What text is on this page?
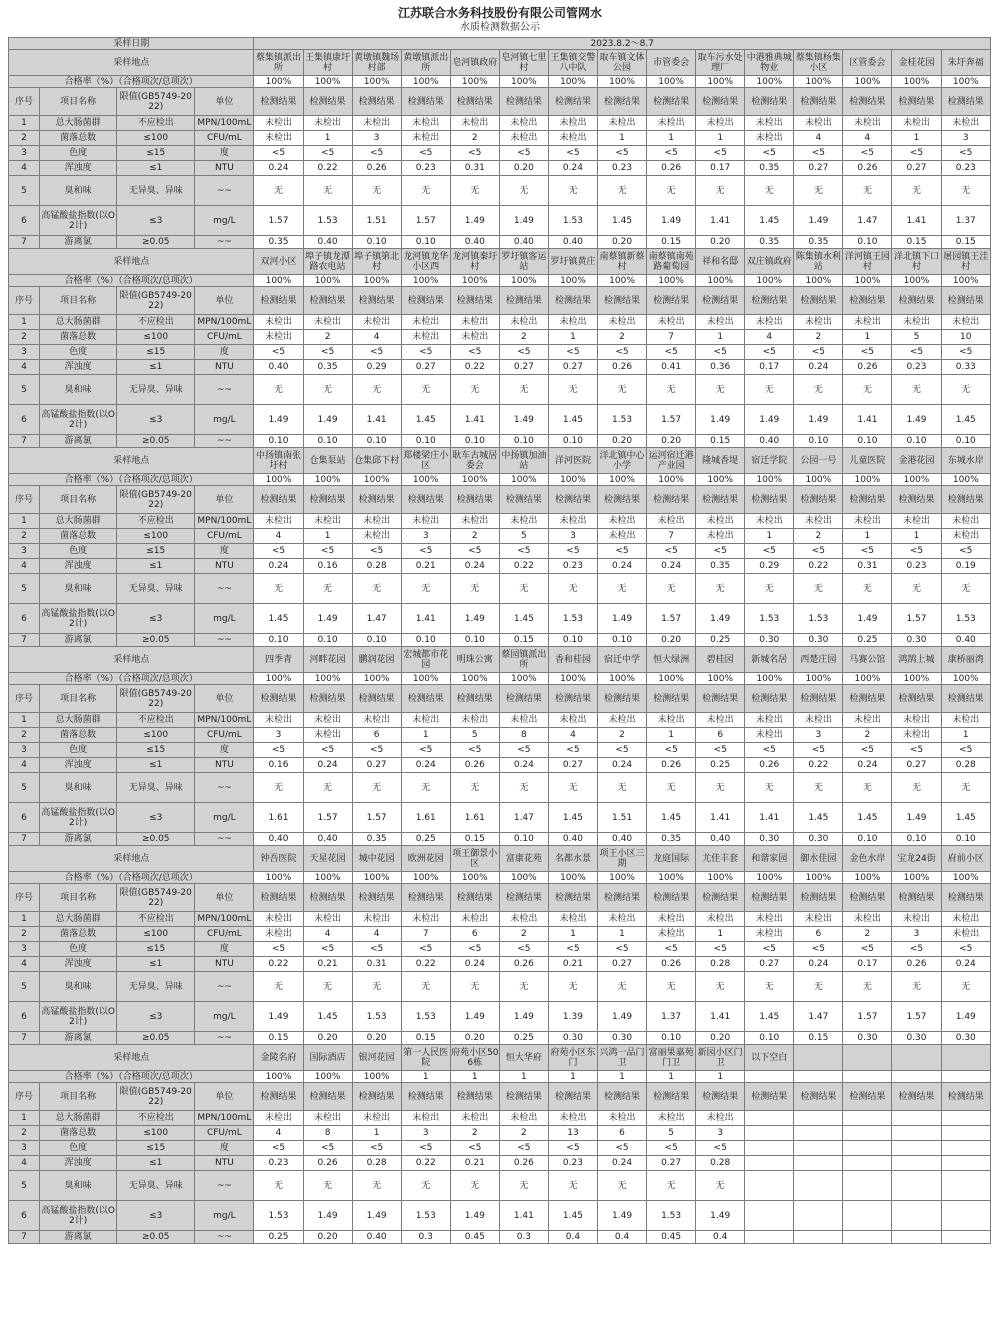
江苏联合水务科技股份有限公司管网水
水质检测数据公示
采样日期				2023.8.2～8.7														
采样地点				蔡集镇派出所	王集镇康圩村	黄墩镇魏场村部	黄墩镇派出所	皂河镇政府	皂河镇七里村	王集镇交警八中队	取车镇文体公园	市管委会	取车污水处理厂	中港雅典城物业	蔡集镇杨集小区	区管委会	金桂花园	朱圩奔福
合格率（%）（合格项次/总项次）				100%	100%	100%	100%	100%	100%	100%	100%	100%	100%	100%	100%	100%	100%	100%
序号	项目名称	限值(GB5749-2022)	单位	检测结果	检测结果	检测结果	检测结果	检测结果	检测结果	检测结果	检测结果	检测结果	检测结果	检测结果	检测结果	检测结果	检测结果	检测结果
1	总大肠菌群	不应检出	MPN/100mL	未检出	未检出	未检出	未检出	未检出	未检出	未检出	未检出	未检出	未检出	未检出	未检出	未检出	未检出	未检出
2	菌落总数	≤100	CFU/mL	未检出	1	3	未检出	2	未检出	未检出	1	1	1	未检出	4	4	1	3
3	色度	≤15	度	<5	<5	<5	<5	<5	<5	<5	<5	<5	<5	<5	<5	<5	<5	<5
4	浑浊度	≤1	NTU	0.24	0.22	0.26	0.23	0.31	0.20	0.24	0.23	0.26	0.17	0.35	0.27	0.26	0.27	0.23
5	臭和味	无异臭、异味	~~	无	无	无	无	无	无	无	无	无	无	无	无	无	无	无
6	高锰酸盐指数(以O2计)	≤3	mg/L	1.57	1.53	1.51	1.57	1.49	1.49	1.53	1.45	1.49	1.41	1.45	1.49	1.47	1.41	1.37
7	游离氯	≥0.05	~~	0.35	0.40	0.10	0.10	0.40	0.40	0.40	0.20	0.15	0.20	0.35	0.35	0.10	0.15	0.15
采样地点				双河小区	埠子镇龙潭路农电站	埠子镇第北村	龙河镇龙华小区西	龙河镇秦圩村	罗圩镇客运站	罗圩镇黄庄	南蔡镇新蔡村	南蔡镇南苑路葡萄园	祥和名邸	双庄镇政府	陈集镇水利站	洋河镇王园村	洋北镇下口村	屠园镇王洼村
合格率（%）（合格项次/总项次）				100%	100%	100%	100%	100%	100%	100%	100%	100%	100%	100%	100%	100%	100%	100%
序号	项目名称	限值(GB5749-2022)	单位	检测结果	检测结果	检测结果	检测结果	检测结果	检测结果	检测结果	检测结果	检测结果	检测结果	检测结果	检测结果	检测结果	检测结果	检测结果
1	总大肠菌群	不应检出	MPN/100mL	未检出	未检出	未检出	未检出	未检出	未检出	未检出	未检出	未检出	未检出	未检出	未检出	未检出	未检出	未检出
2	菌落总数	≤100	CFU/mL	未检出	2	4	未检出	未检出	2	1	2	7	1	4	2	1	5	10
3	色度	≤15	度	<5	<5	<5	<5	<5	<5	<5	<5	<5	<5	<5	<5	<5	<5	<5
4	浑浊度	≤1	NTU	0.40	0.35	0.29	0.27	0.22	0.27	0.27	0.26	0.41	0.36	0.17	0.24	0.26	0.23	0.33
5	臭和味	无异臭、异味	~~	无	无	无	无	无	无	无	无	无	无	无	无	无	无	无
6	高锰酸盐指数(以O2计)	≤3	mg/L	1.49	1.49	1.41	1.45	1.41	1.49	1.45	1.53	1.57	1.49	1.49	1.49	1.41	1.49	1.45
7	游离氯	≥0.05	~~	0.10	0.10	0.10	0.10	0.10	0.10	0.10	0.20	0.20	0.15	0.40	0.10	0.10	0.10	0.10
采样地点				中扬镇南张圩村	仓集泵站	仓集邱下村	郑楼梁庄小区	耿车古城居委会	中扬镇加油站	洋河医院	洋北镇中心小学	运河宿迁港产业园	隆城香堤	宿迁学院	公园一号	儿童医院	金港花园	东城水岸
合格率（%）（合格项次/总项次）				100%	100%	100%	100%	100%	100%	100%	100%	100%	100%	100%	100%	100%	100%	100%
序号	项目名称	限值(GB5749-2022)	单位	检测结果	检测结果	检测结果	检测结果	检测结果	检测结果	检测结果	检测结果	检测结果	检测结果	检测结果	检测结果	检测结果	检测结果	检测结果
1	总大肠菌群	不应检出	MPN/100mL	未检出	未检出	未检出	未检出	未检出	未检出	未检出	未检出	未检出	未检出	未检出	未检出	未检出	未检出	未检出
2	菌落总数	≤100	CFU/mL	4	1	未检出	3	2	5	3	未检出	7	未检出	1	2	1	1	未检出
3	色度	≤15	度	<5	<5	<5	<5	<5	<5	<5	<5	<5	<5	<5	<5	<5	<5	<5
4	浑浊度	≤1	NTU	0.24	0.16	0.28	0.21	0.24	0.22	0.23	0.24	0.24	0.35	0.29	0.22	0.31	0.23	0.19
5	臭和味	无异臭、异味	~~	无	无	无	无	无	无	无	无	无	无	无	无	无	无	无
6	高锰酸盐指数(以O2计)	≤3	mg/L	1.45	1.49	1.47	1.41	1.49	1.45	1.53	1.49	1.57	1.49	1.53	1.53	1.49	1.57	1.53
7	游离氯	≥0.05	~~	0.10	0.10	0.10	0.10	0.10	0.15	0.10	0.10	0.20	0.25	0.30	0.30	0.25	0.30	0.40
采样地点				四季青	河畔花园	鹏润花园	宏城都市花园	明珠公寓	蔡园镇派出所	香和桂园	宿迁中学	恒大绿洲	碧桂园	新城名居	西楚庄园	马赛公馆	鸿鹄上城	康桥丽湾
合格率（%）（合格项次/总项次）				100%	100%	100%	100%	100%	100%	100%	100%	100%	100%	100%	100%	100%	100%	100%
序号	项目名称	限值(GB5749-2022)	单位	检测结果	检测结果	检测结果	检测结果	检测结果	检测结果	检测结果	检测结果	检测结果	检测结果	检测结果	检测结果	检测结果	检测结果	检测结果
1	总大肠菌群	不应检出	MPN/100mL	未检出	未检出	未检出	未检出	未检出	未检出	未检出	未检出	未检出	未检出	未检出	未检出	未检出	未检出	未检出
2	菌落总数	≤100	CFU/mL	3	未检出	6	1	5	8	4	2	1	6	未检出	3	2	未检出	1
3	色度	≤15	度	<5	<5	<5	<5	<5	<5	<5	<5	<5	<5	<5	<5	<5	<5	<5
4	浑浊度	≤1	NTU	0.16	0.24	0.27	0.24	0.26	0.24	0.27	0.24	0.26	0.25	0.26	0.22	0.24	0.27	0.28
5	臭和味	无异臭、异味	~~	无	无	无	无	无	无	无	无	无	无	无	无	无	无	无
6	高锰酸盐指数(以O2计)	≤3	mg/L	1.61	1.57	1.57	1.61	1.61	1.47	1.45	1.51	1.45	1.41	1.41	1.45	1.45	1.49	1.45
7	游离氯	≥0.05	~~	0.40	0.40	0.35	0.25	0.15	0.10	0.40	0.40	0.35	0.40	0.30	0.30	0.10	0.10	0.10
采样地点				钟吾医院	天星花园	城中花园	欧洲花园	项王御景小区	富康花苑	名都水景	项王小区三期	龙庭国际	尤佳丰套	和谐家园	御水佳园	金色水岸	宝龙24街	府前小区
合格率（%）（合格项次/总项次）				100%	100%	100%	100%	100%	100%	100%	100%	100%	100%	100%	100%	100%	100%	100%
序号	项目名称	限值(GB5749-2022)	单位	检测结果	检测结果	检测结果	检测结果	检测结果	检测结果	检测结果	检测结果	检测结果	检测结果	检测结果	检测结果	检测结果	检测结果	检测结果
1	总大肠菌群	不应检出	MPN/100mL	未检出	未检出	未检出	未检出	未检出	未检出	未检出	未检出	未检出	未检出	未检出	未检出	未检出	未检出	未检出
2	菌落总数	≤100	CFU/mL	未检出	4	4	7	6	2	1	1	未检出	1	未检出	6	2	3	未检出
3	色度	≤15	度	<5	<5	<5	<5	<5	<5	<5	<5	<5	<5	<5	<5	<5	<5	<5
4	浑浊度	≤1	NTU	0.22	0.21	0.31	0.22	0.24	0.26	0.21	0.27	0.26	0.28	0.27	0.24	0.17	0.26	0.24
5	臭和味	无异臭、异味	~~	无	无	无	无	无	无	无	无	无	无	无	无	无	无	无
6	高锰酸盐指数(以O2计)	≤3	mg/L	1.49	1.45	1.53	1.53	1.49	1.49	1.39	1.49	1.37	1.41	1.45	1.47	1.57	1.57	1.49
7	游离氯	≥0.05	~~	0.15	0.20	0.20	0.15	0.20	0.25	0.30	0.30	0.10	0.20	0.10	0.15	0.30	0.30	0.30
采样地点				金陵名府	国际酒店	银河花园	第一人民医院	府苑小区506栋	恒大华府	府苑小区东门	兴鸿一品门卫	富丽果嘉苑门卫	新园小区门卫	以下空白				
合格率（%）（合格项次/总项次）				100%	100%	100%	1	1	1	1	1	1	1					
序号	项目名称	限值(GB5749-2022)	单位	检测结果	检测结果	检测结果	检测结果	检测结果	检测结果	检测结果	检测结果	检测结果	检测结果	检测结果	检测结果	检测结果	检测结果	检测结果
1	总大肠菌群	不应检出	MPN/100mL	未检出	未检出	未检出	未检出	未检出	未检出	未检出	未检出	未检出	未检出					
2	菌落总数	≤100	CFU/mL	4	8	1	3	2	2	13	6	5	3					
3	色度	≤15	度	<5	<5	<5	<5	<5	<5	<5	<5	<5	<5					
4	浑浊度	≤1	NTU	0.23	0.26	0.28	0.22	0.21	0.26	0.23	0.24	0.27	0.28					
5	臭和味	无异臭、异味	~~	无	无	无	无	无	无	无	无	无	无					
6	高锰酸盐指数(以O2计)	≤3	mg/L	1.53	1.49	1.49	1.53	1.49	1.41	1.45	1.49	1.53	1.49					
7	游离氯	≥0.05	~~	0.25	0.20	0.40	0.3	0.45	0.3	0.4	0.4	0.45	0.4					
